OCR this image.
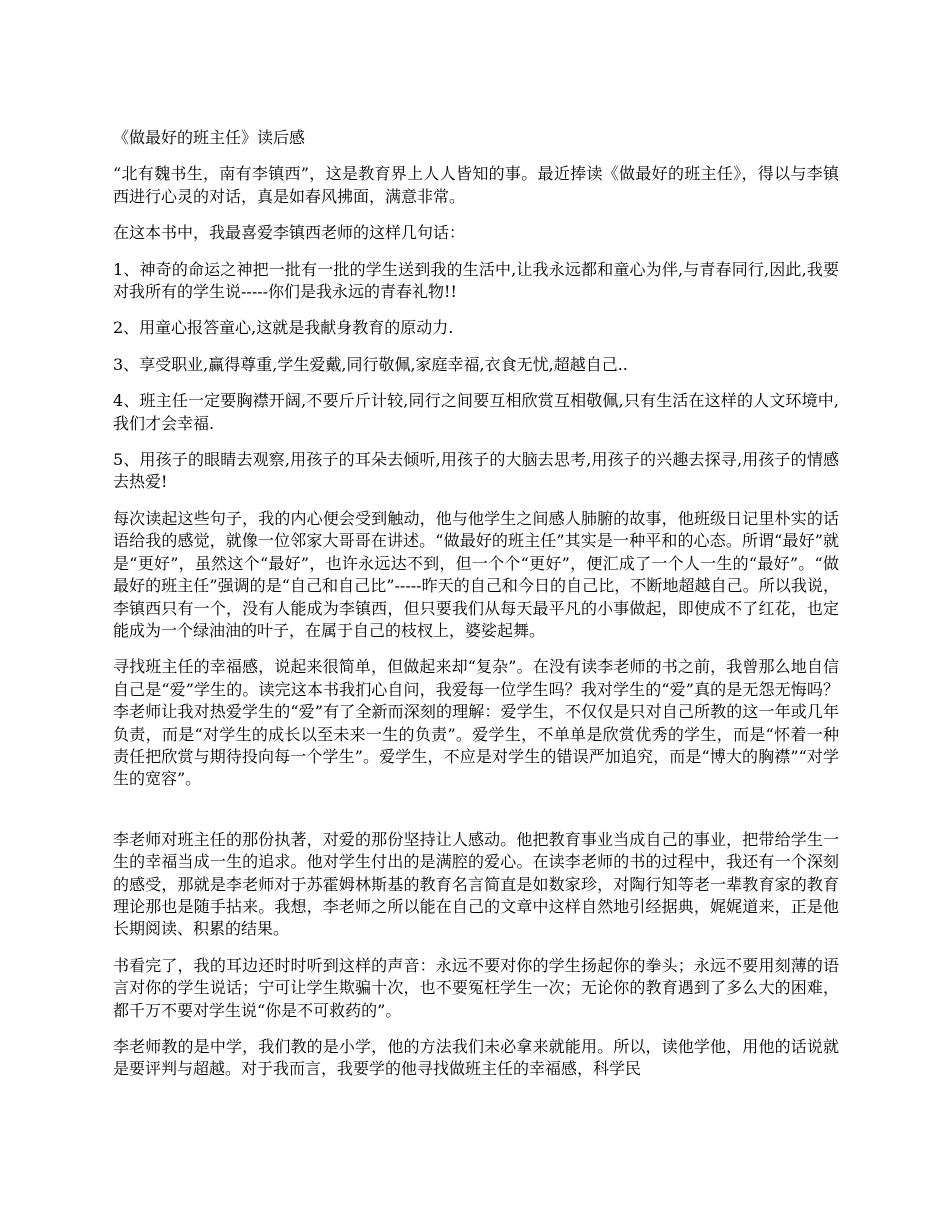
《做最好的班主任》读后感

“北有魏书生，南有李镇西”，这是教育界上人人皆知的事。最近捧读《做最好的班主任》，得以与李镇西进行心灵的对话，真是如春风拂面，满意非常。

在这本书中，我最喜爱李镇西老师的这样几句话：

1、神奇的命运之神把一批有一批的学生送到我的生活中,让我永远都和童心为伴,与青春同行,因此,我要对我所有的学生说-----你们是我永远的青春礼物!!

2、用童心报答童心,这就是我献身教育的原动力.

3、享受职业,赢得尊重,学生爱戴,同行敬佩,家庭幸福,衣食无忧,超越自己..

4、班主任一定要胸襟开阔,不要斤斤计较,同行之间要互相欣赏互相敬佩,只有生活在这样的人文环境中,我们才会幸福.

5、用孩子的眼睛去观察,用孩子的耳朵去倾听,用孩子的大脑去思考,用孩子的兴趣去探寻,用孩子的情感去热爱!

每次读起这些句子，我的内心便会受到触动，他与他学生之间感人肺腑的故事，他班级日记里朴实的话语给我的感觉，就像一位邻家大哥哥在讲述。“做最好的班主任”其实是一种平和的心态。所谓“最好”就是“更好”，虽然这个“最好”，也许永远达不到，但一个个“更好”，便汇成了一个人一生的“最好”。“做最好的班主任”强调的是“自己和自己比”-----昨天的自己和今日的自己比，不断地超越自己。所以我说，李镇西只有一个，没有人能成为李镇西，但只要我们从每天最平凡的小事做起，即使成不了红花，也定能成为一个绿油油的叶子，在属于自己的枝杈上，婆娑起舞。

寻找班主任的幸福感，说起来很简单，但做起来却“复杂”。在没有读李老师的书之前，我曾那么地自信自己是“爱”学生的。读完这本书我扪心自问，我爱每一位学生吗？我对学生的“爱”真的是无怨无悔吗？李老师让我对热爱学生的“爱”有了全新而深刻的理解：爱学生，不仅仅是只对自己所教的这一年或几年负责，而是“对学生的成长以至未来一生的负责”。爱学生，不单单是欣赏优秀的学生，而是“怀着一种责任把欣赏与期待投向每一个学生”。爱学生，不应是对学生的错误严加追究，而是“博大的胸襟”“对学生的宽容”。

李老师对班主任的那份执著，对爱的那份坚持让人感动。他把教育事业当成自己的事业，把带给学生一生的幸福当成一生的追求。他对学生付出的是满腔的爱心。在读李老师的书的过程中，我还有一个深刻的感受，那就是李老师对于苏霍姆林斯基的教育名言简直是如数家珍，对陶行知等老一辈教育家的教育理论那也是随手拈来。我想，李老师之所以能在自己的文章中这样自然地引经据典，娓娓道来，正是他长期阅读、积累的结果。

书看完了，我的耳边还时时听到这样的声音：永远不要对你的学生扬起你的拳头；永远不要用刻薄的语言对你的学生说话；宁可让学生欺骗十次，也不要冤枉学生一次；无论你的教育遇到了多么大的困难，都千万不要对学生说“你是不可救药的”。

李老师教的是中学，我们教的是小学，他的方法我们未必拿来就能用。所以，读他学他，用他的话说就是要评判与超越。对于我而言，我要学的他寻找做班主任的幸福感，科学民
